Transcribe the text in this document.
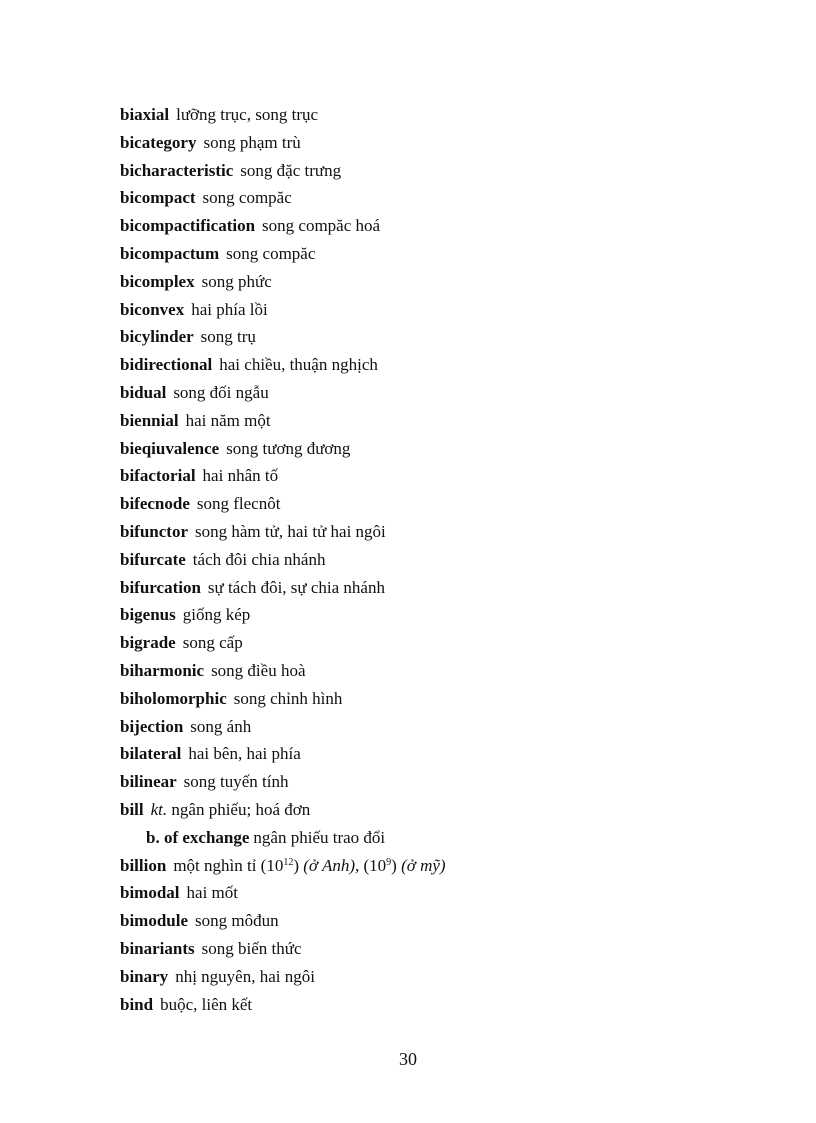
biaxial lưỡng trục, song trục
bicategory song phạm trù
bicharacteristic song đặc trưng
bicompact song compăc
bicompactification song compăc hoá
bicompactum song compăc
bicomplex song phức
biconvex hai phía lồi
bicylinder song trụ
bidirectional hai chiều, thuận nghịch
bidual song đối ngẫu
biennial hai năm một
bieqiuvalence song tương đương
bifactorial hai nhân tố
bifecnode song flecnôt
bifunctor song hàm tử, hai tử hai ngôi
bifurcate tách đôi chia nhánh
bifurcation sự tách đôi, sự chia nhánh
bigenus giống kép
bigrade song cấp
biharmonic song điều hoà
biholomorphic song chỉnh hình
bijection song ánh
bilateral hai bên, hai phía
bilinear song tuyến tính
bill kt. ngân phiếu; hoá đơn
b. of exchange ngân phiếu trao đổi
billion một nghìn tỉ $(10^{12})$ (ở Anh), $(10^9)$ (ở mỹ)
bimodal hai mốt
bimodule song môđun
binariants song biến thức
binary nhị nguyên, hai ngôi
bind buộc, liên kết
30
